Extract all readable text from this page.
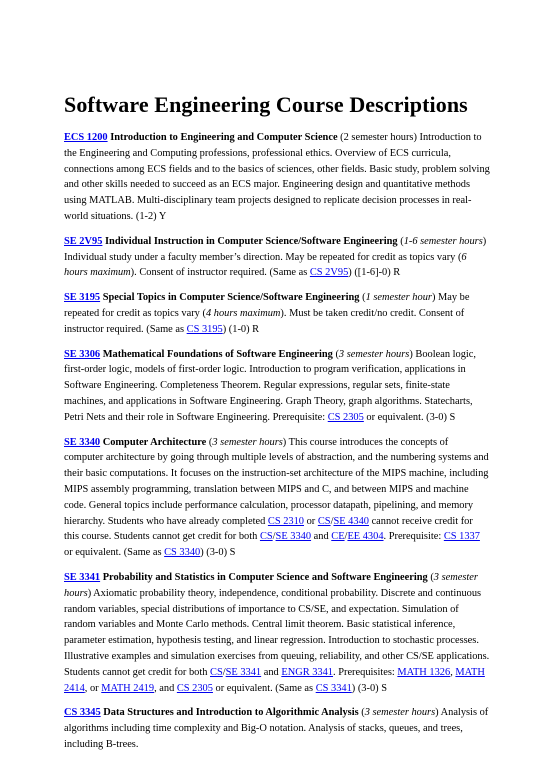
Software Engineering Course Descriptions

ECS 1200 Introduction to Engineering and Computer Science (2 semester hours) Introduction to the Engineering and Computing professions, professional ethics. Overview of ECS curricula, connections among ECS fields and to the basics of sciences, other fields. Basic study, problem solving and other skills needed to succeed as an ECS major. Engineering design and quantitative methods using MATLAB. Multi-disciplinary team projects designed to replicate decision processes in real-world situations. (1-2) Y

SE 2V95 Individual Instruction in Computer Science/Software Engineering (1-6 semester hours) Individual study under a faculty member’s direction. May be repeated for credit as topics vary (6 hours maximum). Consent of instructor required. (Same as CS 2V95) ([1-6]-0) R

SE 3195 Special Topics in Computer Science/Software Engineering (1 semester hour) May be repeated for credit as topics vary (4 hours maximum). Must be taken credit/no credit. Consent of instructor required. (Same as CS 3195) (1-0) R

SE 3306 Mathematical Foundations of Software Engineering (3 semester hours) Boolean logic, first-order logic, models of first-order logic. Introduction to program verification, applications in Software Engineering. Completeness Theorem. Regular expressions, regular sets, finite-state machines, and applications in Software Engineering. Graph Theory, graph algorithms. Statecharts, Petri Nets and their role in Software Engineering. Prerequisite: CS 2305 or equivalent. (3-0) S

SE 3340 Computer Architecture (3 semester hours) This course introduces the concepts of computer architecture by going through multiple levels of abstraction, and the numbering systems and their basic computations. It focuses on the instruction-set architecture of the MIPS machine, including MIPS assembly programming, translation between MIPS and C, and between MIPS and machine code. General topics include performance calculation, processor datapath, pipelining, and memory hierarchy. Students who have already completed CS 2310 or CS/SE 4340 cannot receive credit for this course. Students cannot get credit for both CS/SE 3340 and CE/EE 4304. Prerequisite: CS 1337 or equivalent. (Same as CS 3340) (3-0) S

SE 3341 Probability and Statistics in Computer Science and Software Engineering (3 semester hours) Axiomatic probability theory, independence, conditional probability. Discrete and continuous random variables, special distributions of importance to CS/SE, and expectation. Simulation of random variables and Monte Carlo methods. Central limit theorem. Basic statistical inference, parameter estimation, hypothesis testing, and linear regression. Introduction to stochastic processes. Illustrative examples and simulation exercises from queuing, reliability, and other CS/SE applications. Students cannot get credit for both CS/SE 3341 and ENGR 3341. Prerequisites: MATH 1326, MATH 2414, or MATH 2419, and CS 2305 or equivalent. (Same as CS 3341) (3-0) S

CS 3345 Data Structures and Introduction to Algorithmic Analysis (3 semester hours) Analysis of algorithms including time complexity and Big-O notation. Analysis of stacks, queues, and trees, including B-trees.
